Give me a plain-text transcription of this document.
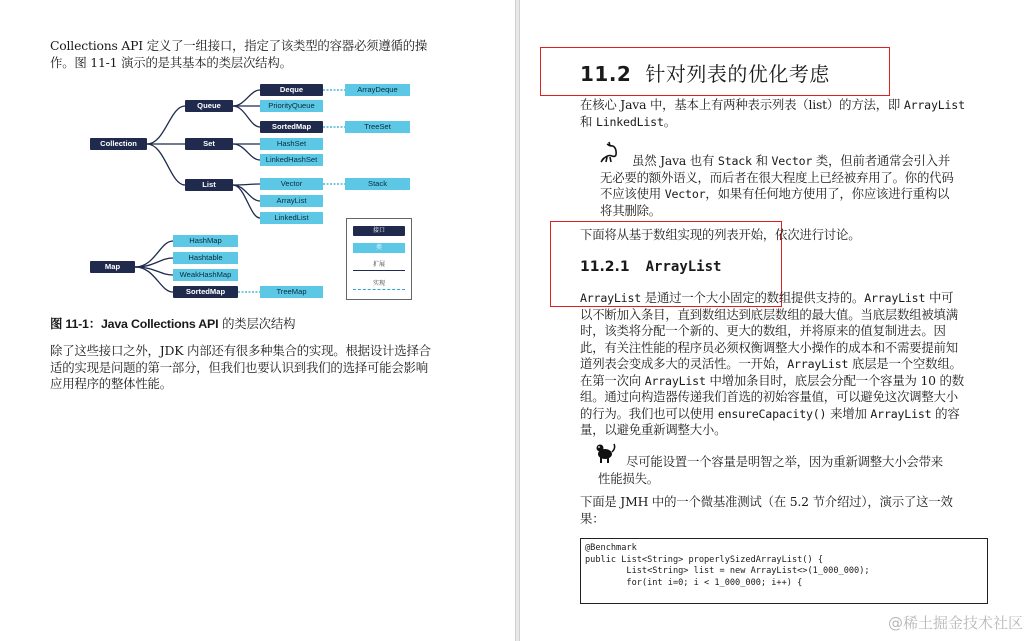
Collections API 定义了一组接口，指定了该类型的容器必须遵循的操
作。图 11-1 演示的是其基本的类层次结构。

Collection
Queue
Set
List
Map
Deque
PriorityQueue
SortedMap
HashSet
LinkedHashSet
Vector
ArrayList
LinkedList
ArrayDeque
TreeSet
Stack
HashMap
Hashtable
WeakHashMap
SortedMap	TreeMap
接口
类
扩展
实现

图 11-1：Java Collections API 的类层次结构

除了这些接口之外，JDK 内部还有很多种集合的实现。根据设计选择合
适的实现是问题的第一部分，但我们也要认识到我们的选择可能会影响
应用程序的整体性能。

11.2 针对列表的优化考虑

在核心 Java 中，基本上有两种表示列表（list）的方法，即 ArrayList
和 LinkedList。

虽然 Java 也有 Stack 和 Vector 类，但前者通常会引入并
无必要的额外语义，而后者在很大程度上已经被弃用了。你的代码
不应该使用 Vector，如果有任何地方使用了，你应该进行重构以
将其删除。

下面将从基于数组实现的列表开始，依次进行讨论。

11.2.1 ArrayList

ArrayList 是通过一个大小固定的数组提供支持的。ArrayList 中可
以不断加入条目，直到数组达到底层数组的最大值。当底层数组被填满
时，该类将分配一个新的、更大的数组，并将原来的值复制进去。因
此，有关注性能的程序员必须权衡调整大小操作的成本和不需要提前知
道列表会变成多大的灵活性。一开始，ArrayList 底层是一个空数组。
在第一次向 ArrayList 中增加条目时，底层会分配一个容量为 10 的数
组。通过向构造器传递我们首选的初始容量值，可以避免这次调整大小
的行为。我们也可以使用 ensureCapacity() 来增加 ArrayList 的容
量，以避免重新调整大小。

尽可能设置一个容量是明智之举，因为重新调整大小会带来
性能损失。

下面是 JMH 中的一个微基准测试（在 5.2 节介绍过），演示了这一效
果：

@Benchmark
public List<String> properlySizedArrayList() {
List<String> list = new ArrayList<>(1_000_000);
for(int i=0; i < 1_000_000; i++) {
@稀土掘金技术社区
